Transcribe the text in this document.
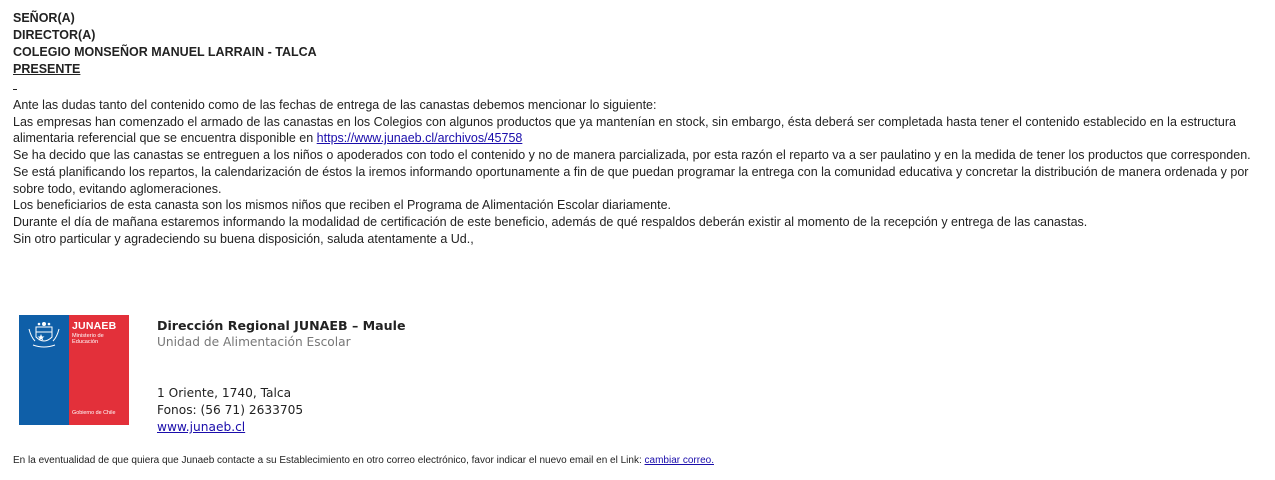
SEÑOR(A)
DIRECTOR(A)
COLEGIO MONSEÑOR MANUEL LARRAIN - TALCA
PRESENTE

Ante las dudas tanto del contenido como de las fechas de entrega de las canastas debemos mencionar lo siguiente:

Las empresas han comenzado el armado de las canastas en los Colegios con algunos productos que ya mantenían en stock, sin embargo, ésta deberá ser completada hasta tener el contenido establecido en la estructura alimentaria referencial que se encuentra disponible en https://www.junaeb.cl/archivos/45758

Se ha decido que las canastas se entreguen a los niños o apoderados con todo el contenido y no de manera parcializada, por esta razón el reparto va a ser paulatino y en la medida de tener los productos que corresponden.

Se está planificando los repartos, la calendarización de éstos la iremos informando oportunamente a fin de que puedan programar la entrega con la comunidad educativa y concretar la distribución de manera ordenada y por sobre todo, evitando aglomeraciones.

Los beneficiarios de esta canasta son los mismos niños que reciben el Programa de Alimentación Escolar diariamente.

Durante el día de mañana estaremos informando la modalidad de certificación de este beneficio, además de qué respaldos deberán existir al momento de la recepción y entrega de las canastas.

Sin otro particular y agradeciendo su buena disposición, saluda atentamente a Ud.,

JUNAEB
Ministerio de Educación
Gobierno de Chile
Dirección Regional JUNAEB – Maule
Unidad de Alimentación Escolar
1 Oriente, 1740, Talca
Fonos: (56 71) 2633705
www.junaeb.cl
En la eventualidad de que quiera que Junaeb contacte a su Establecimiento en otro correo electrónico, favor indicar el nuevo email en el Link: cambiar correo.
